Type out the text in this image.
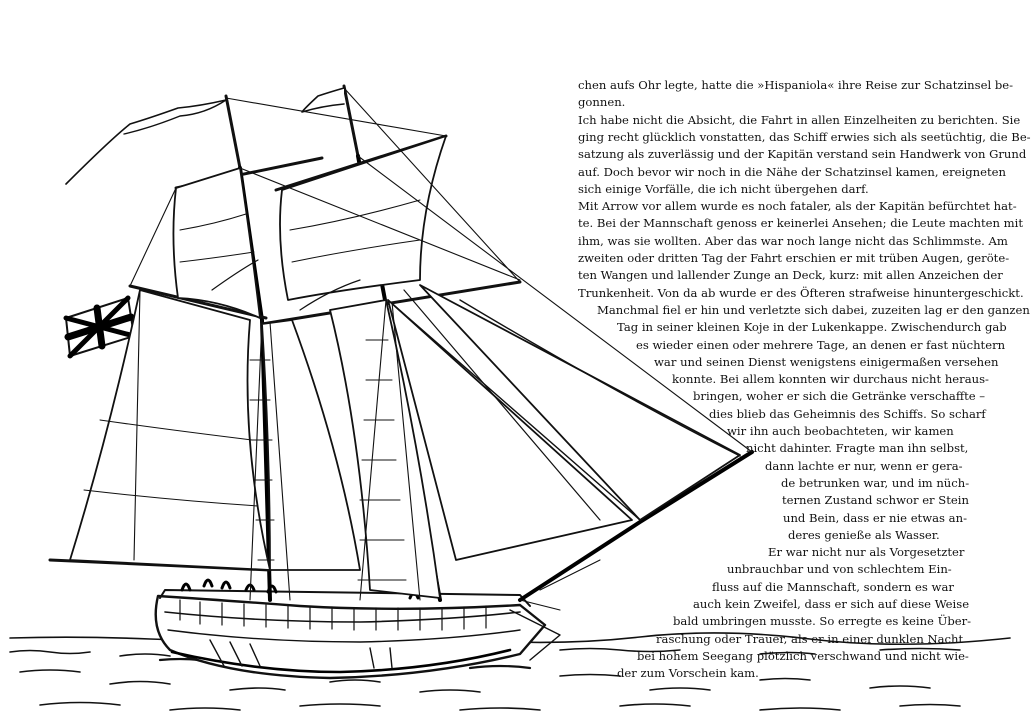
chen aufs Ohr legte, hatte die »Hispaniola« ihre Reise zur Schatzinsel be-
gonnen.
Ich habe nicht die Absicht, die Fahrt in allen Einzelheiten zu berichten. Sie
ging recht glücklich vonstatten, das Schiff erwies sich als seetüchtig, die Be-
satzung als zuverlässig und der Kapitän verstand sein Handwerk von Grund
auf. Doch bevor wir noch in die Nähe der Schatzinsel kamen, ereigneten
sich einige Vorfälle, die ich nicht übergehen darf.
Mit Arrow vor allem wurde es noch fataler, als der Kapitän befürchtet hat-
te. Bei der Mannschaft genoss er keinerlei Ansehen; die Leute machten mit
ihm, was sie wollten. Aber das war noch lange nicht das Schlimmste. Am
zweiten oder dritten Tag der Fahrt erschien er mit trüben Augen, geröte-
ten Wangen und lallender Zunge an Deck, kurz: mit allen Anzeichen der
Trunkenheit. Von da ab wurde er des Öfteren strafweise hinuntergeschickt.
Manchmal fiel er hin und verletzte sich dabei, zuzeiten lag er den ganzen
Tag in seiner kleinen Koje in der Lukenkappe. Zwischendurch gab
es wieder einen oder mehrere Tage, an denen er fast nüchtern
war und seinen Dienst wenigstens einigermaßen versehen
konnte. Bei allem konnten wir durchaus nicht heraus-
bringen, woher er sich die Getränke verschaffte –
dies blieb das Geheimnis des Schiffs. So scharf
wir ihn auch beobachteten, wir kamen
nicht dahinter. Fragte man ihn selbst,
dann lachte er nur, wenn er gera-
de betrunken war, und im nüch-
ternen Zustand schwor er Stein
und Bein, dass er nie etwas an-
deres genieße als Wasser.
Er war nicht nur als Vorgesetzter
unbrauchbar und von schlechtem Ein-
fluss auf die Mannschaft, sondern es war
auch kein Zweifel, dass er sich auf diese Weise
bald umbringen musste. So erregte es keine Über-
raschung oder Trauer, als er in einer dunklen Nacht
bei hohem Seegang plötzlich verschwand und nicht wie-
der zum Vorschein kam.
